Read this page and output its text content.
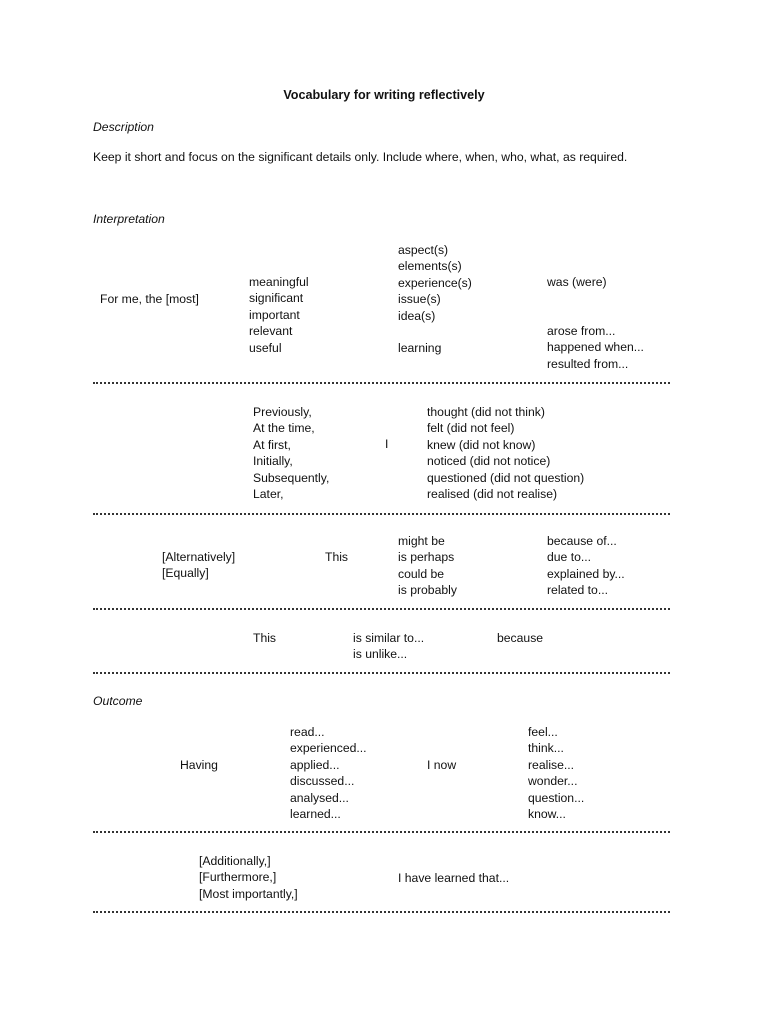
Vocabulary for writing reflectively
Description
Keep it short and focus on the significant details only. Include where, when, who, what, as required.
Interpretation
For me, the [most]
meaningful
significant
important
relevant
useful
aspect(s)
elements(s)
experience(s)
issue(s)
idea(s)
learning
was (were)
arose from...
happened when...
resulted from...
Previously,
At the time,
At first,
Initially,
Subsequently,
Later,
I
thought (did not think)
felt (did not feel)
knew (did not know)
noticed (did not notice)
questioned (did not question)
realised (did not realise)
[Alternatively]
[Equally]
This
might be
is perhaps
could be
is probably
because of...
due to...
explained by...
related to...
This	is similar to...
is unlike...
because
Outcome
Having
read...
experienced...
applied...
discussed...
analysed...
learned...
I now
feel...
think...
realise...
wonder...
question...
know...
[Additionally,]
[Furthermore,]
[Most importantly,]
I have learned that...
